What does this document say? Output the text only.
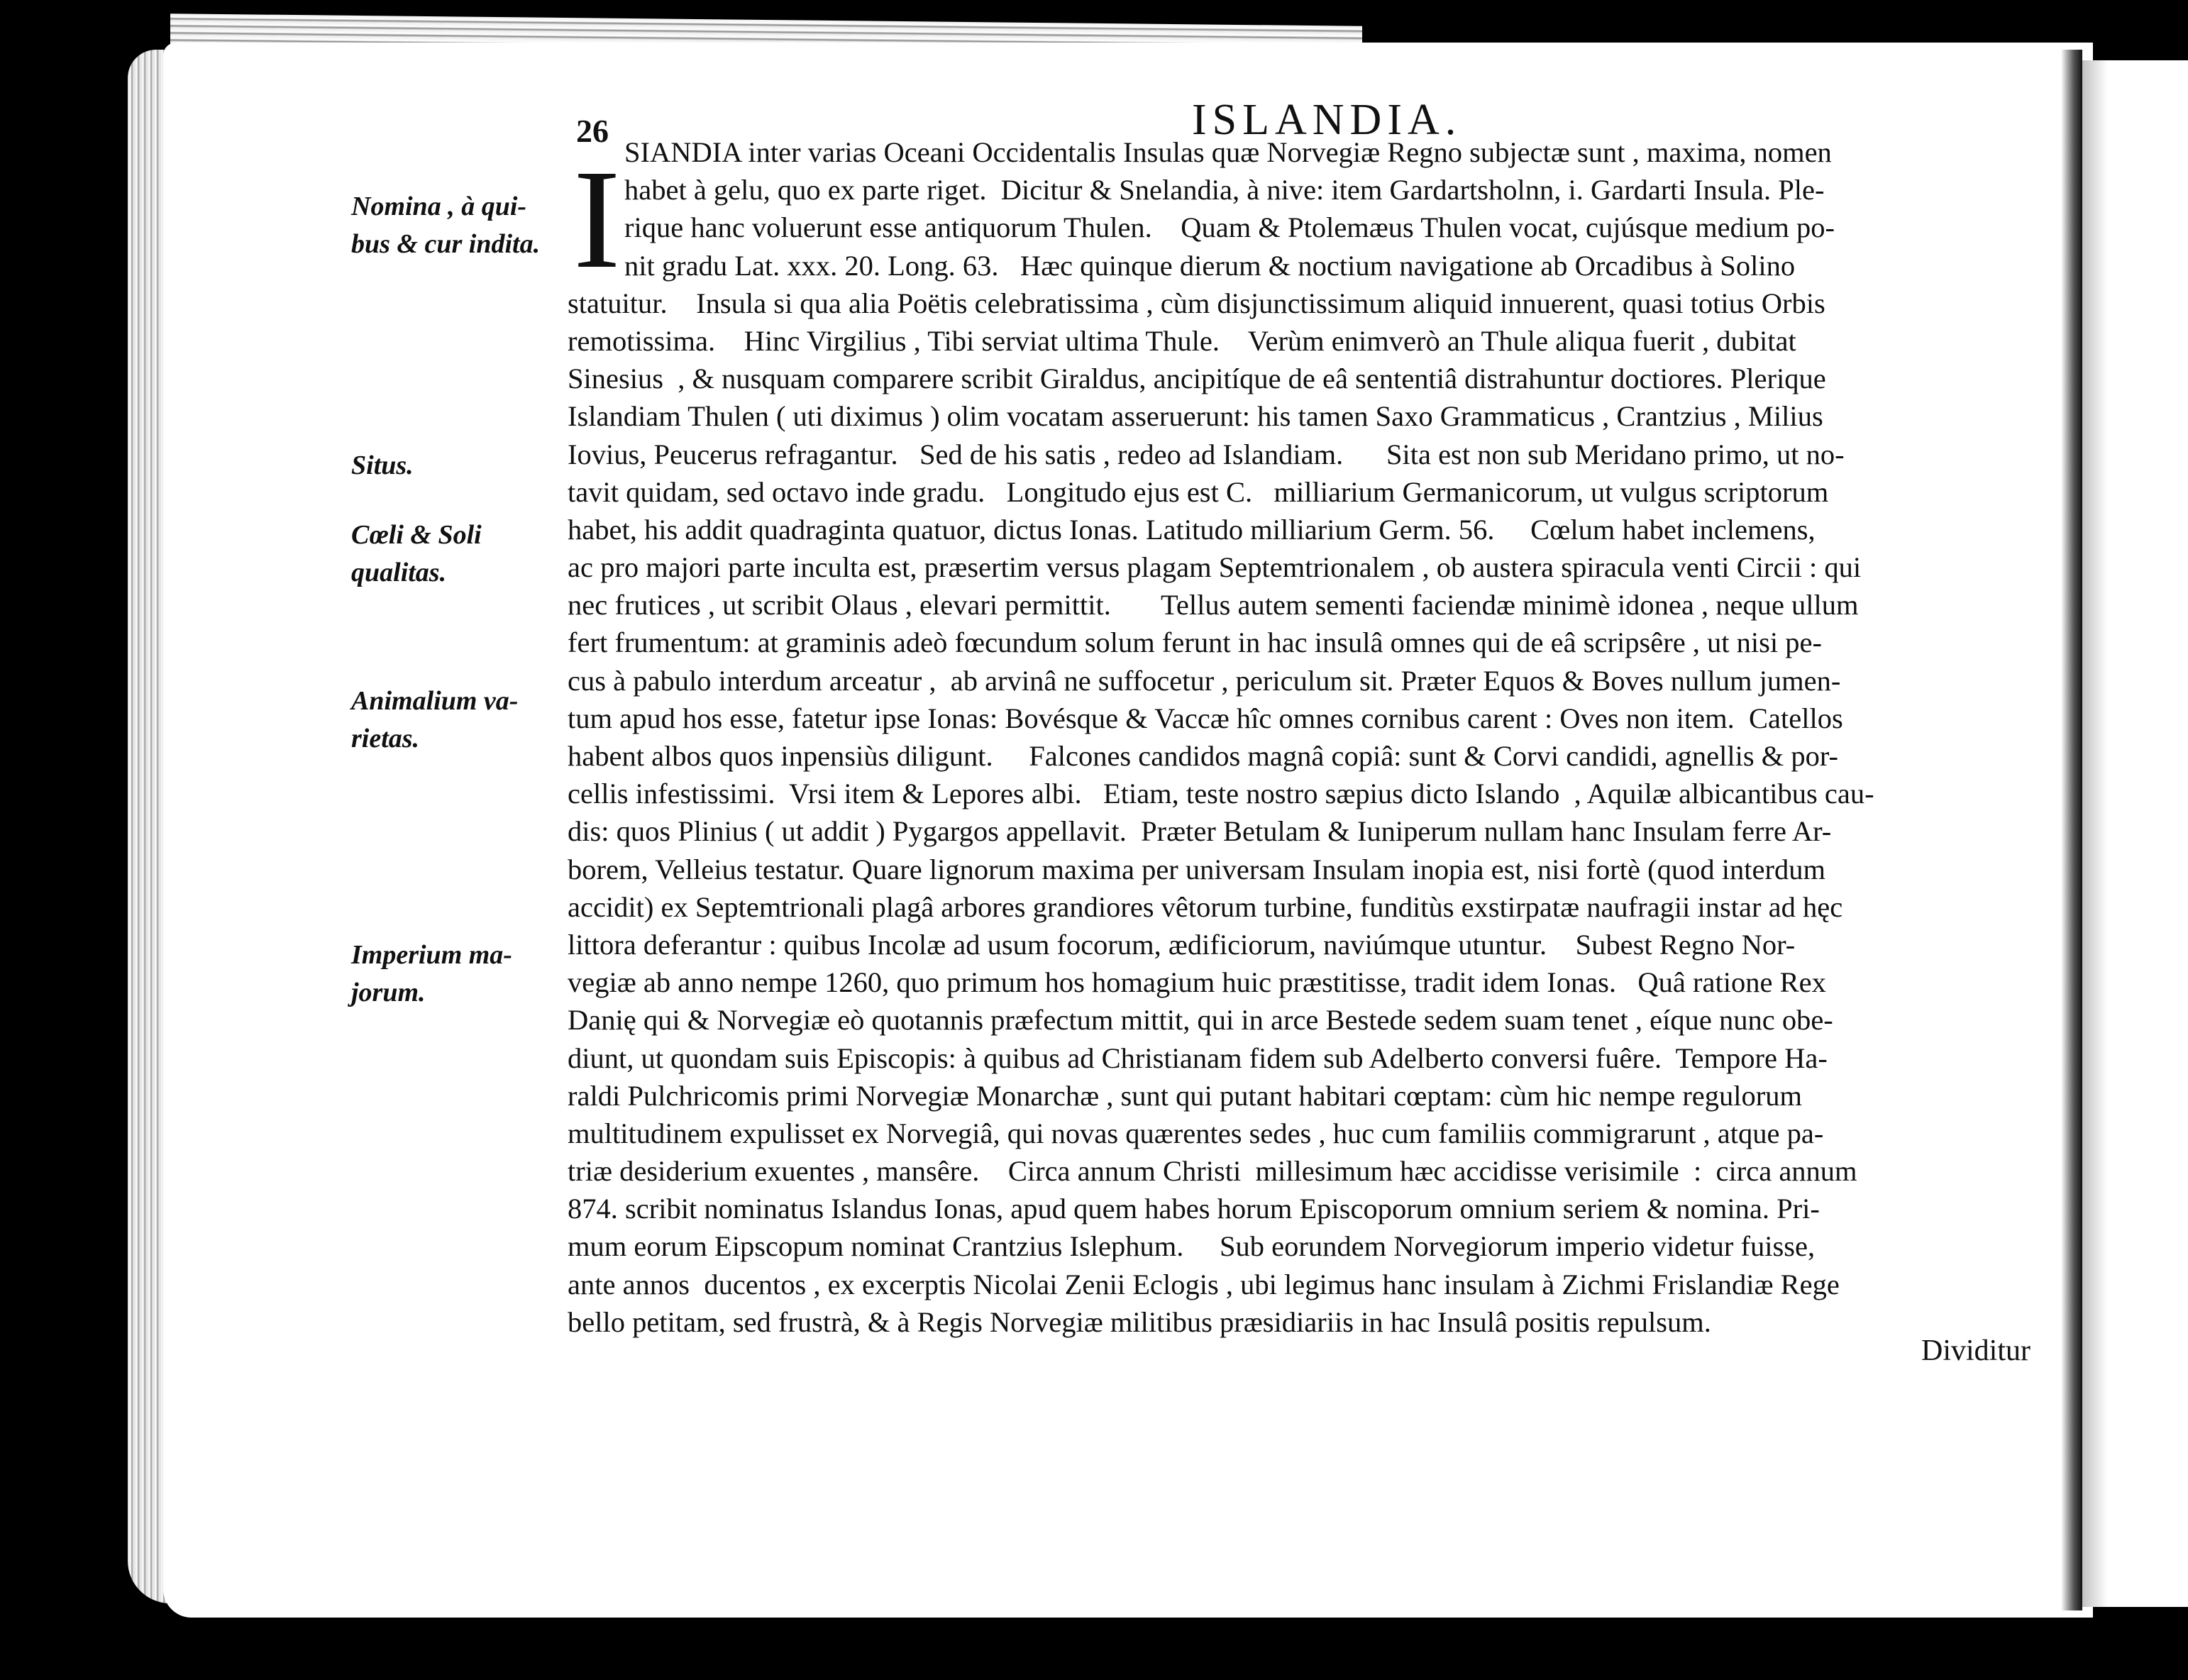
26	ISLANDIA.
I
Nomina , à qui-
bus & cur indita.
Situs.
Cœli & Soli
qualitas.
Animalium va-
rietas.
Imperium ma-
jorum.
SIANDIA inter varias Oceani Occidentalis Insulas quæ Norvegiæ Regno subjectæ sunt , maxima, nomen
habet à gelu, quo ex parte riget.  Dicitur & Snelandia, à nive: item Gardartsholnn, i. Gardarti Insula. Ple-
rique hanc voluerunt esse antiquorum Thulen.    Quam & Ptolemæus Thulen vocat, cujúsque medium po-
nit gradu Lat. xxx. 20. Long. 63.   Hæc quinque dierum & noctium navigatione ab Orcadibus à Solino
statuitur.    Insula si qua alia Poëtis celebratissima , cùm disjunctissimum aliquid innuerent, quasi totius Orbis
remotissima.    Hinc Virgilius , Tibi serviat ultima Thule.    Verùm enimverò an Thule aliqua fuerit , dubitat
Sinesius  , & nusquam comparere scribit Giraldus, ancipitíque de eâ sententiâ distrahuntur doctiores. Plerique
Islandiam Thulen ( uti diximus ) olim vocatam asseruerunt: his tamen Saxo Grammaticus , Crantzius , Milius
Iovius, Peucerus refragantur.   Sed de his satis , redeo ad Islandiam.      Sita est non sub Meridano primo, ut no-
tavit quidam, sed octavo inde gradu.   Longitudo ejus est C.   milliarium Germanicorum, ut vulgus scriptorum
habet, his addit quadraginta quatuor, dictus Ionas. Latitudo milliarium Germ. 56.     Cœlum habet inclemens,
ac pro majori parte inculta est, præsertim versus plagam Septemtrionalem , ob austera spiracula venti Circii : qui
nec frutices , ut scribit Olaus , elevari permittit.       Tellus autem sementi faciendæ minimè idonea , neque ullum
fert frumentum: at graminis adeò fœcundum solum ferunt in hac insulâ omnes qui de eâ scripsêre , ut nisi pe-
cus à pabulo interdum arceatur ,  ab arvinâ ne suffocetur , periculum sit. Præter Equos & Boves nullum jumen-
tum apud hos esse, fatetur ipse Ionas: Bovésque & Vaccæ hîc omnes cornibus carent : Oves non item.  Catellos
habent albos quos inpensiùs diligunt.     Falcones candidos magnâ copiâ: sunt & Corvi candidi, agnellis & por-
cellis infestissimi.  Vrsi item & Lepores albi.   Etiam, teste nostro sæpius dicto Islando  , Aquilæ albicantibus cau-
dis: quos Plinius ( ut addit ) Pygargos appellavit.  Præter Betulam & Iuniperum nullam hanc Insulam ferre Ar-
borem, Velleius testatur. Quare lignorum maxima per universam Insulam inopia est, nisi fortè (quod interdum
accidit) ex Septemtrionali plagâ arbores grandiores vêtorum turbine, funditùs exstirpatæ naufragii instar ad hęc
littora deferantur : quibus Incolæ ad usum focorum, ædificiorum, naviúmque utuntur.    Subest Regno Nor-
vegiæ ab anno nempe 1260, quo primum hos homagium huic præstitisse, tradit idem Ionas.   Quâ ratione Rex
Danię qui & Norvegiæ eò quotannis præfectum mittit, qui in arce Bestede sedem suam tenet , eíque nunc obe-
diunt, ut quondam suis Episcopis: à quibus ad Christianam fidem sub Adelberto conversi fuêre.  Tempore Ha-
raldi Pulchricomis primi Norvegiæ Monarchæ , sunt qui putant habitari cœptam: cùm hic nempe regulorum
multitudinem expulisset ex Norvegiâ, qui novas quærentes sedes , huc cum familiis commigrarunt , atque pa-
triæ desiderium exuentes , mansêre.    Circa annum Christi  millesimum hæc accidisse verisimile  :  circa annum
874. scribit nominatus Islandus Ionas, apud quem habes horum Episcoporum omnium seriem & nomina. Pri-
mum eorum Eipscopum nominat Crantzius Islephum.     Sub eorundem Norvegiorum imperio videtur fuisse,
ante annos  ducentos , ex excerptis Nicolai Zenii Eclogis , ubi legimus hanc insulam à Zichmi Frislandiæ Rege
bello petitam, sed frustrà, & à Regis Norvegiæ militibus præsidiariis in hac Insulâ positis repulsum.
Dividitur
